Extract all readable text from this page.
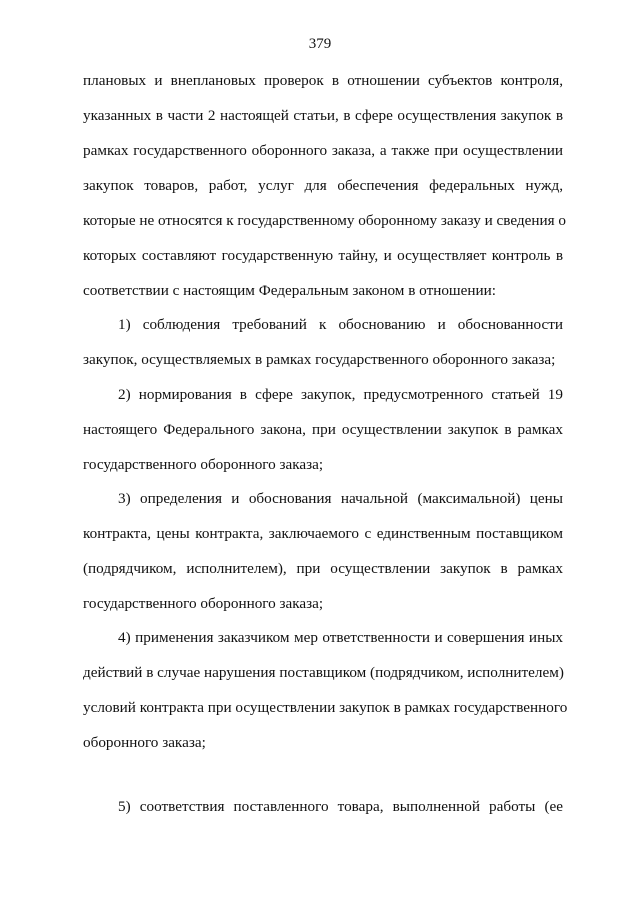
379
плановых и внеплановых проверок в отношении субъектов контроля,
указанных в части 2 настоящей статьи, в сфере осуществления закупок в
рамках государственного оборонного заказа, а также при осуществлении
закупок товаров, работ, услуг для обеспечения федеральных нужд,
которые не относятся к государственному оборонному заказу и сведения о
которых составляют государственную тайну, и осуществляет контроль в
соответствии с настоящим Федеральным законом в отношении:
1) соблюдения требований к обоснованию и обоснованности
закупок, осуществляемых в рамках государственного оборонного заказа;
2) нормирования в сфере закупок, предусмотренного статьей 19
настоящего Федерального закона, при осуществлении закупок в рамках
государственного оборонного заказа;
3) определения и обоснования начальной (максимальной) цены
контракта, цены контракта, заключаемого с единственным поставщиком
(подрядчиком, исполнителем), при осуществлении закупок в рамках
государственного оборонного заказа;
4) применения заказчиком мер ответственности и совершения иных
действий в случае нарушения поставщиком (подрядчиком, исполнителем)
условий контракта при осуществлении закупок в рамках государственного
оборонного заказа;
5) соответствия поставленного товара, выполненной работы (ее
